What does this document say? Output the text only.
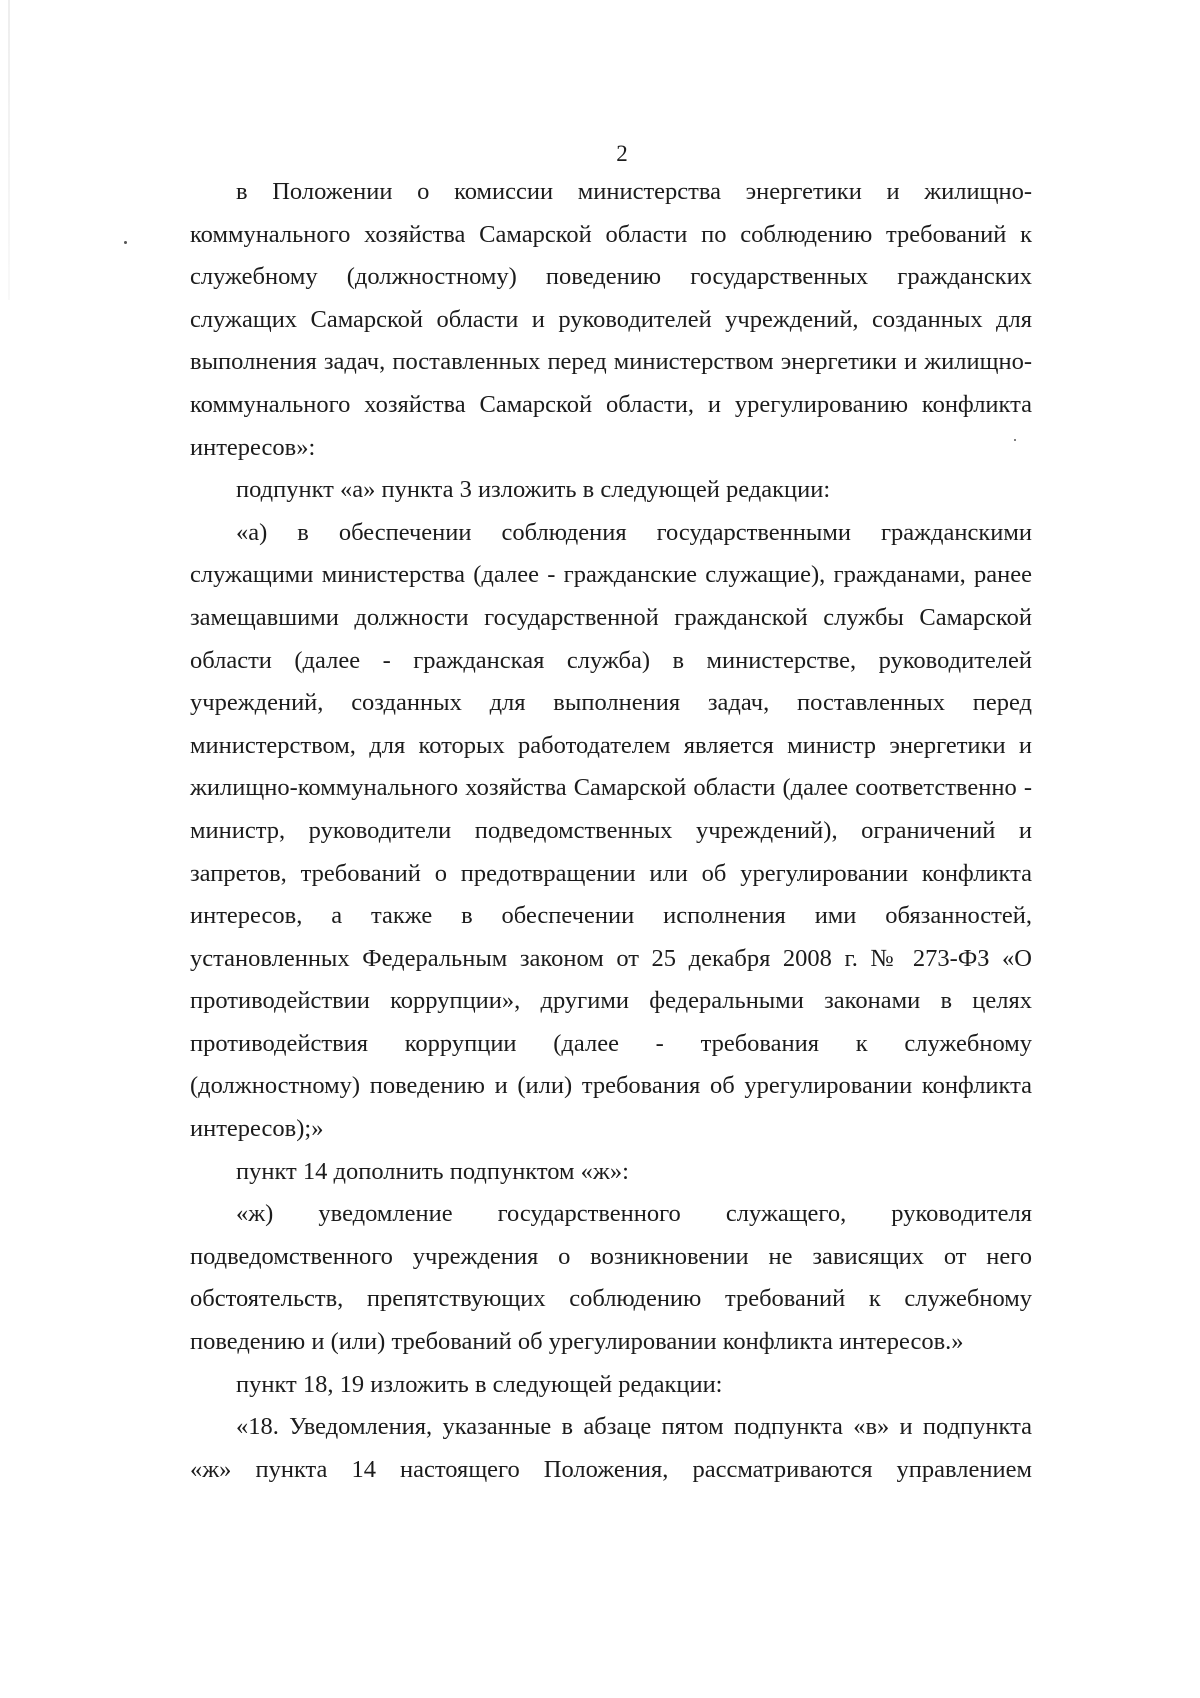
2
в Положении о комиссии министерства энергетики и жилищно-
коммунального хозяйства Самарской области по соблюдению требований к
служебному (должностному) поведению государственных гражданских
служащих Самарской области и руководителей учреждений, созданных для
выполнения задач, поставленных перед министерством энергетики и жилищно-
коммунального хозяйства Самарской области, и урегулированию конфликта
интересов»:
подпункт «а» пункта 3 изложить в следующей редакции:
«а) в обеспечении соблюдения государственными гражданскими
служащими министерства (далее - гражданские служащие), гражданами, ранее
замещавшими должности государственной гражданской службы Самарской
области (далее - гражданская служба) в министерстве, руководителей
учреждений, созданных для выполнения задач, поставленных перед
министерством, для которых работодателем является министр энергетики и
жилищно-коммунального хозяйства Самарской области (далее соответственно -
министр, руководители подведомственных учреждений), ограничений и
запретов, требований о предотвращении или об урегулировании конфликта
интересов, а также в обеспечении исполнения ими обязанностей,
установленных Федеральным законом от 25 декабря 2008 г. № 273-ФЗ «О
противодействии коррупции», другими федеральными законами в целях
противодействия коррупции (далее - требования к служебному
(должностному) поведению и (или) требования об урегулировании конфликта
интересов);»
пункт 14 дополнить подпунктом «ж»:
«ж) уведомление государственного служащего, руководителя
подведомственного учреждения о возникновении не зависящих от него
обстоятельств, препятствующих соблюдению требований к служебному
поведению и (или) требований об урегулировании конфликта интересов.»
пункт 18, 19 изложить в следующей редакции:
«18. Уведомления, указанные в абзаце пятом подпункта «в» и подпункта
«ж» пункта 14 настоящего Положения, рассматриваются управлением
